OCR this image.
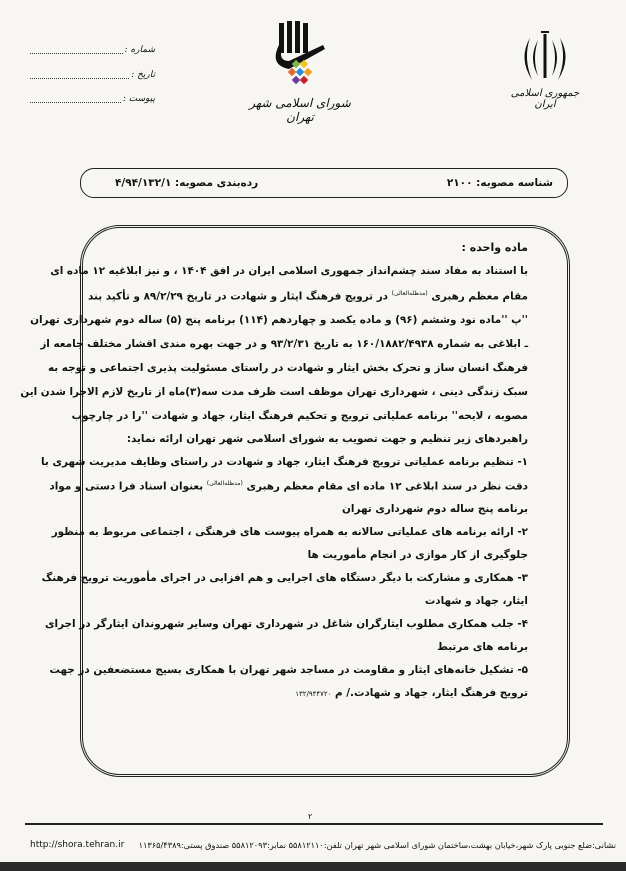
جمهوری اسلامی ایران
شورای اسلامی شهر تهران
شماره :
تاریخ :
پیوست :
شناسه مصوبه: ۲۱۰۰
رده‌بندی مصوبه: ۴/۹۴/۱۳۲/۱
ماده واحده :
با استناد به مفاد سند چشم‌انداز جمهوری اسلامی ایران در افق ۱۴۰۴ ، و نیز ابلاغیه ۱۲ ماده ای
مقام معظم رهبری $^{(مدظله‌العالی)}$ در ترویج فرهنگ ایثار و شهادت در تاریخ ۸۹/۲/۲۹ و تأکید بند
''پ ''ماده نود وششم (۹۶) و ماده یکصد و چهاردهم (۱۱۴) برنامه پنج (۵) ساله دوم شهرداری تهران
ـ ابلاغی به شماره ۱۶۰/۱۸۸۲/۴۹۳۸ به تاریخ ۹۳/۲/۳۱ و در جهت بهره مندی اقشار مختلف جامعه از
فرهنگ انسان ساز و تحرک بخش ایثار و شهادت در راستای مسئولیت پذیری اجتماعی و توجه به
سبک زندگی دینی ، شهرداری تهران موظف است ظرف مدت سه(۳)ماه از تاریخ لازم الاجرا شدن این
مصوبه ، لایحه'' برنامه عملیاتی ترویج و تحکیم فرهنگ ایثار، جهاد و شهادت ''را در چارچوب
راهبردهای زیر تنظیم و جهت تصویب به شورای اسلامی شهر تهران ارائه نماید:
۱- تنظیم برنامه عملیاتی ترویج فرهنگ ایثار، جهاد و شهادت در راستای وظایف مدیریت شهری با
دقت نظر در سند ابلاغی ۱۲ ماده ای مقام معظم رهبری $^{(مدظله‌العالی)}$ بعنوان اسناد فرا دستی و مواد
برنامه پنج ساله دوم شهرداری تهران
۲- ارائه برنامه های عملیاتی سالانه به همراه پیوست های فرهنگی ، اجتماعی مربوط به منظور
جلوگیری از کار موازی در انجام مأموریت ها
۳- همکاری و مشارکت با دیگر دستگاه های اجرایی و هم افزایی در اجرای مأموریت ترویج فرهنگ
ایثار، جهاد و شهادت
۴- جلب همکاری مطلوب ایثارگران شاغل در شهرداری تهران وسایر شهروندان ایثارگر در اجرای
برنامه های مرتبط
۵- تشکیل خانه‌های ایثار و مقاومت در مساجد شهر تهران با همکاری بسیج مستضعفین در جهت
ترویج فرهنگ ایثار، جهاد و شهادت./ م ۱۳۲/۹۴۴۷۲۰
۲
نشانی:ضلع جنوبی پارک شهر،خیابان بهشت،ساختمان شورای اسلامی شهر تهران تلفن:۵۵۸۱۲۱۱۰ نمابر:۵۵۸۱۲۰۹۳ صندوق پستی:۱۱۳۶۵/۴۳۸۹
http://shora.tehran.ir
